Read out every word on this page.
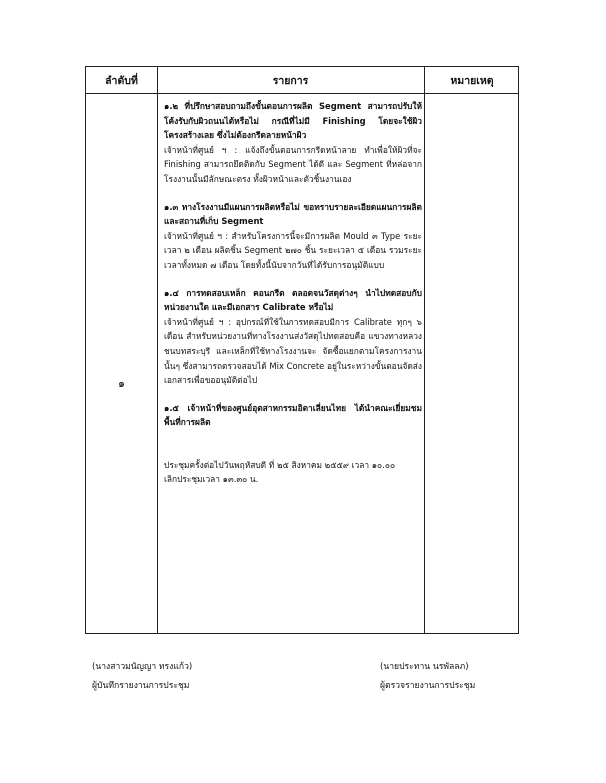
ลำดับที่	รายการ	หมายเหตุ
๑

๑.๒ ที่ปรึกษาสอบถามถึงขั้นตอนการผลิต Segment สามารถปรับให้โค้งรับกับผิวถนนได้หรือไม่ กรณีที่ไม่มี Finishing โดยจะใช้ผิวโครงสร้างเลย ซึ่งไม่ต้องกรีดลายหน้าผิว

เจ้าหน้าที่ศูนย์ ฯ : แจ้งถึงขั้นตอนการกรีดหน้าลาย ทำเพื่อให้ผิวที่จะ Finishing สามารถยึดติดกับ Segment ได้ดี และ Segment ที่หล่อจากโรงงานนั้นมีลักษณะตรง ทั้งผิวหน้าและตัวชิ้นงานเอง

๑.๓ ทางโรงงานมีแผนการผลิตหรือไม่ ขอทราบรายละเอียดแผนการผลิต และสถานที่เก็บ Segment

เจ้าหน้าที่ศูนย์ ฯ : สำหรับโครงการนี้จะมีการผลิต Mould ๓ Type ระยะเวลา ๒ เดือน ผลิตชิ้น Segment ๒๗๐ ชิ้น ระยะเวลา ๕ เดือน รวมระยะเวลาทั้งหมด ๗ เดือน โดยทั้งนี้นับจากวันที่ได้รับการอนุมัติแบบ

๑.๔ การทดสอบเหล็ก คอนกรีต ตลอดจนวัสดุต่างๆ นำไปทดสอบกับหน่วยงานใด และมีเอกสาร Calibrate หรือไม่

เจ้าหน้าที่ศูนย์ ฯ : อุปกรณ์ที่ใช้ในการทดสอบมีการ Calibrate ทุกๆ ๖ เดือน สำหรับหน่วยงานที่ทางโรงงานส่งวัสดุไปทดสอบคือ แขวงทางหลวงชนบทสระบุรี และเหล็กที่ใช้ทางโรงงานจะ จัดซื้อแยกตามโครงการงานนั้นๆ ซึ่งสามารถตรวจสอบได้ Mix Concrete อยู่ในระหว่างขั้นตอนจัดส่งเอกสารเพื่อขออนุมัติต่อไป

๑.๕ เจ้าหน้าที่ของศูนย์อุตสาหกรรมอิตาเลี่ยนไทย ได้นำคณะเยี่ยมชมพื้นที่การผลิต

ประชุมครั้งต่อไปวันพฤหัสบดี ที่ ๒๕ สิงหาคม ๒๕๕๙ เวลา ๑๐.๐๐

เลิกประชุมเวลา ๑๓.๓๐ น.

(นางสาวมนัญญา ทรงแก้ว)
ผู้บันทึกรายงานการประชุม
(นายประทาน นรพัลลภ)
ผู้ตรวจรายงานการประชุม
